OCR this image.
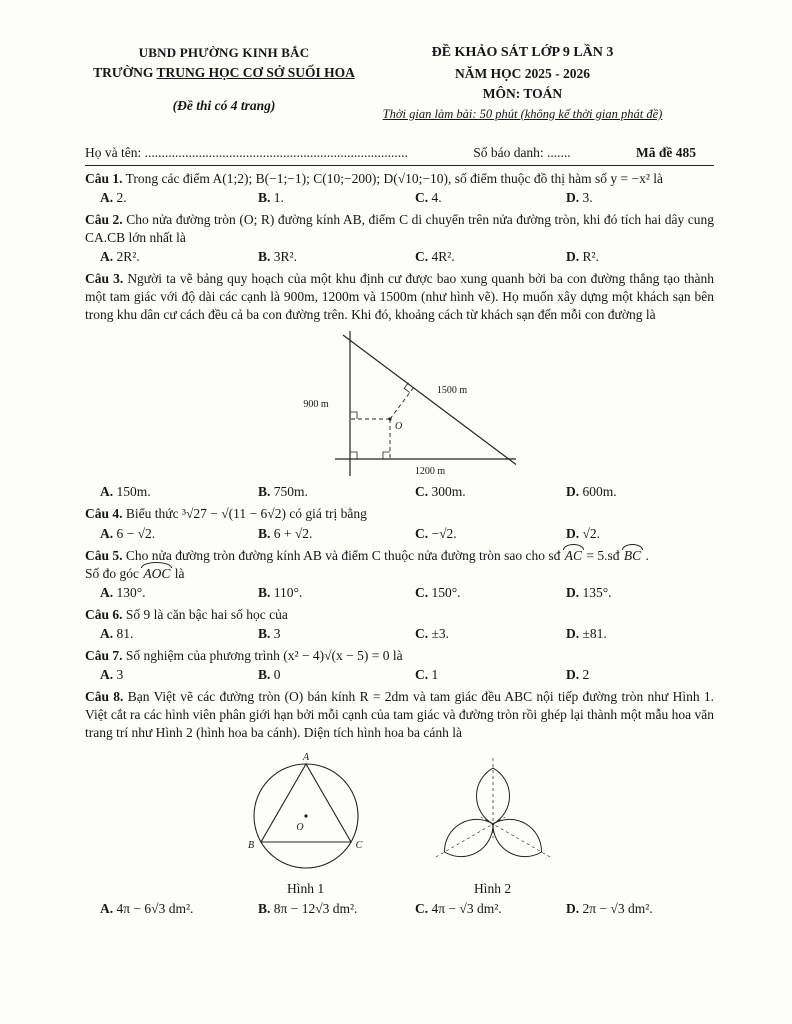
UBND PHƯỜNG KINH BẮC
TRƯỜNG TRUNG HỌC CƠ SỞ SUỐI HOA
(Đề thi có 4 trang)
ĐỀ KHẢO SÁT LỚP 9 LẦN 3
NĂM HỌC 2025 - 2026
MÔN: TOÁN
Thời gian làm bài: 50 phút (không kể thời gian phát đề)
Họ và tên: ..............................................................................	Số báo danh: .......	Mã đề 485
Câu 1. Trong các điểm A(1;2); B(−1;−1); C(10;−200); D(√10;−10), số điểm thuộc đồ thị hàm số y = −x² là
A. 2.	B. 1.	C. 4.	D. 3.
Câu 2. Cho nửa đường tròn (O; R) đường kính AB, điểm C di chuyển trên nửa đường tròn, khi đó tích hai dây cung CA.CB lớn nhất là
A. 2R².	B. 3R².	C. 4R².	D. R².
Câu 3. Người ta vẽ bảng quy hoạch của một khu định cư được bao xung quanh bởi ba con đường thẳng tạo thành một tam giác với độ dài các cạnh là 900m, 1200m và 1500m (như hình vẽ). Họ muốn xây dựng một khách sạn bên trong khu dân cư cách đều cả ba con đường trên. Khi đó, khoảng cách từ khách sạn đến mỗi con đường là
900 m
1500 m
1200 m
O
A. 150m.	B. 750m.	C. 300m.	D. 600m.
Câu 4. Biểu thức ³√27 − √(11 − 6√2) có giá trị bằng
A. 6 − √2.	B. 6 + √2.	C. −√2.	D. √2.
Câu 5. Cho nửa đường tròn đường kính AB và điểm C thuộc nửa đường tròn sao cho sđ AC = 5.sđ BC .
Số đo góc AOC là
A. 130°.	B. 110°.	C. 150°.	D. 135°.
Câu 6. Số 9 là căn bậc hai số học của
A. 81.	B. 3	C. ±3.	D. ±81.
Câu 7. Số nghiệm của phương trình (x² − 4)√(x − 5) = 0 là
A. 3	B. 0	C. 1	D. 2
Câu 8. Bạn Việt vẽ các đường tròn (O) bán kính R = 2dm và tam giác đều ABC nội tiếp đường tròn như Hình 1. Việt cắt ra các hình viên phân giới hạn bởi mỗi cạnh của tam giác và đường tròn rồi ghép lại thành một mẫu hoa văn trang trí như Hình 2 (hình hoa ba cánh). Diện tích hình hoa ba cánh là
A
B	C
O
Hình 1	Hình 2
A. 4π − 6√3 dm².	B. 8π − 12√3 dm².	C. 4π − √3 dm².	D. 2π − √3 dm².
